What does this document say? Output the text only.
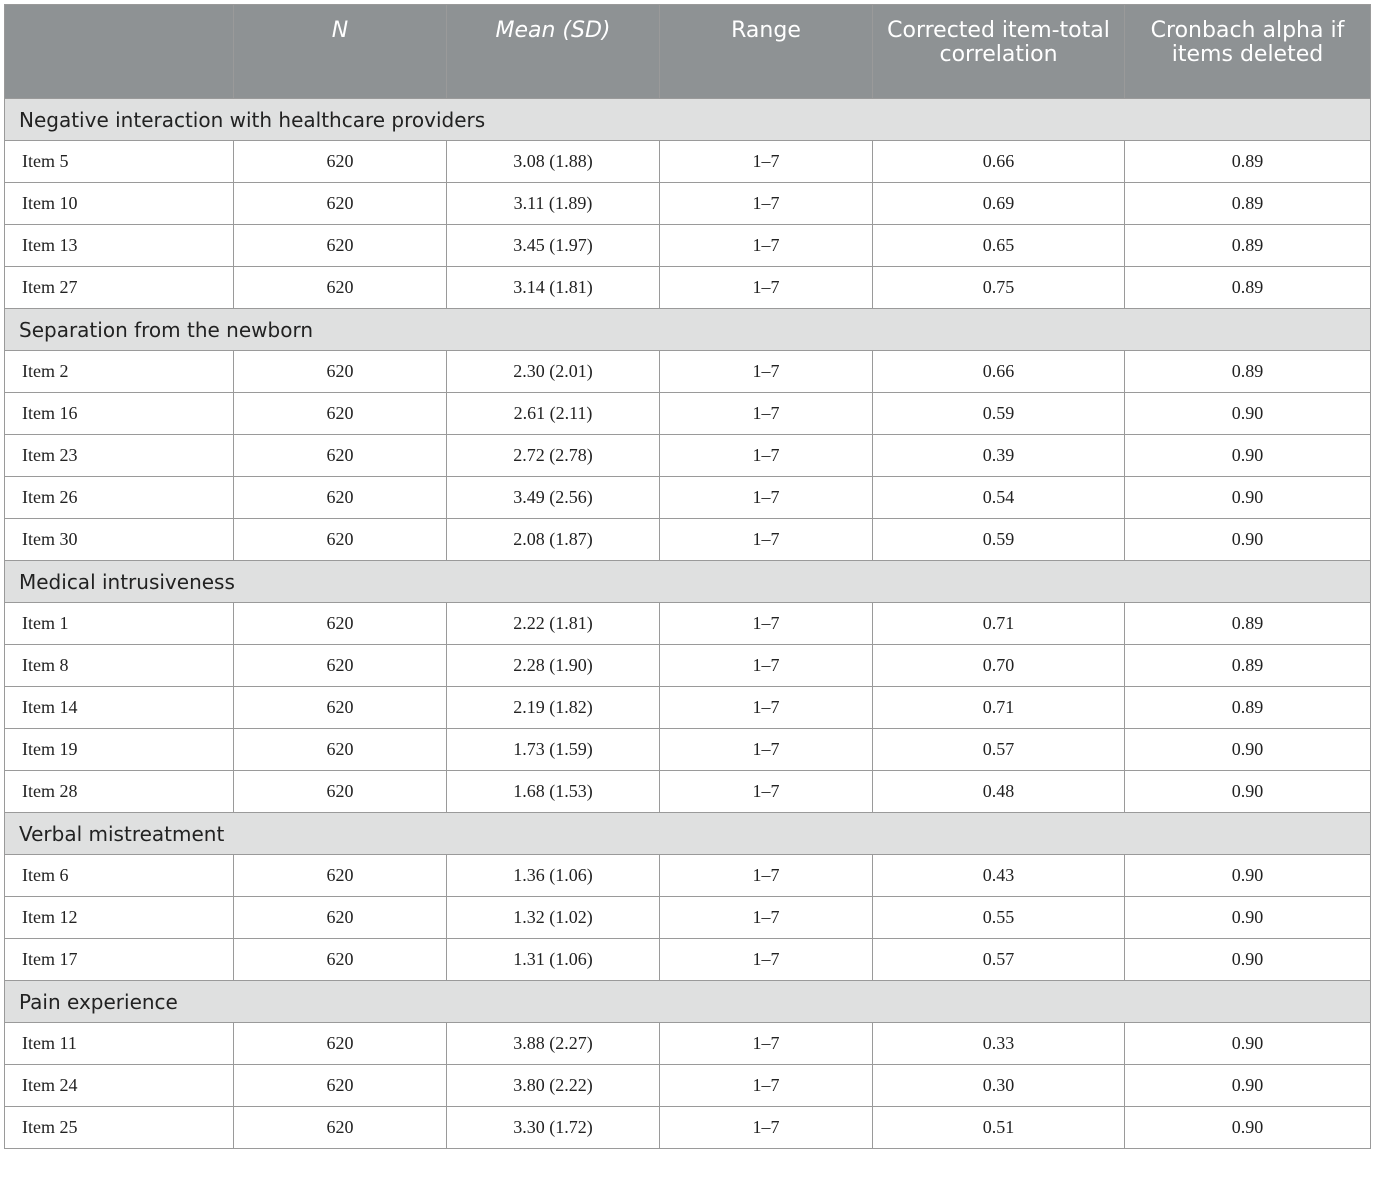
	N	Mean (SD)	Range	Corrected item-total correlation	Cronbach alpha if items deleted
Negative interaction with healthcare providers					
Item 5	620	3.08 (1.88)	1–7	0.66	0.89
Item 10	620	3.11 (1.89)	1–7	0.69	0.89
Item 13	620	3.45 (1.97)	1–7	0.65	0.89
Item 27	620	3.14 (1.81)	1–7	0.75	0.89
Separation from the newborn					
Item 2	620	2.30 (2.01)	1–7	0.66	0.89
Item 16	620	2.61 (2.11)	1–7	0.59	0.90
Item 23	620	2.72 (2.78)	1–7	0.39	0.90
Item 26	620	3.49 (2.56)	1–7	0.54	0.90
Item 30	620	2.08 (1.87)	1–7	0.59	0.90
Medical intrusiveness					
Item 1	620	2.22 (1.81)	1–7	0.71	0.89
Item 8	620	2.28 (1.90)	1–7	0.70	0.89
Item 14	620	2.19 (1.82)	1–7	0.71	0.89
Item 19	620	1.73 (1.59)	1–7	0.57	0.90
Item 28	620	1.68 (1.53)	1–7	0.48	0.90
Verbal mistreatment					
Item 6	620	1.36 (1.06)	1–7	0.43	0.90
Item 12	620	1.32 (1.02)	1–7	0.55	0.90
Item 17	620	1.31 (1.06)	1–7	0.57	0.90
Pain experience					
Item 11	620	3.88 (2.27)	1–7	0.33	0.90
Item 24	620	3.80 (2.22)	1–7	0.30	0.90
Item 25	620	3.30 (1.72)	1–7	0.51	0.90
